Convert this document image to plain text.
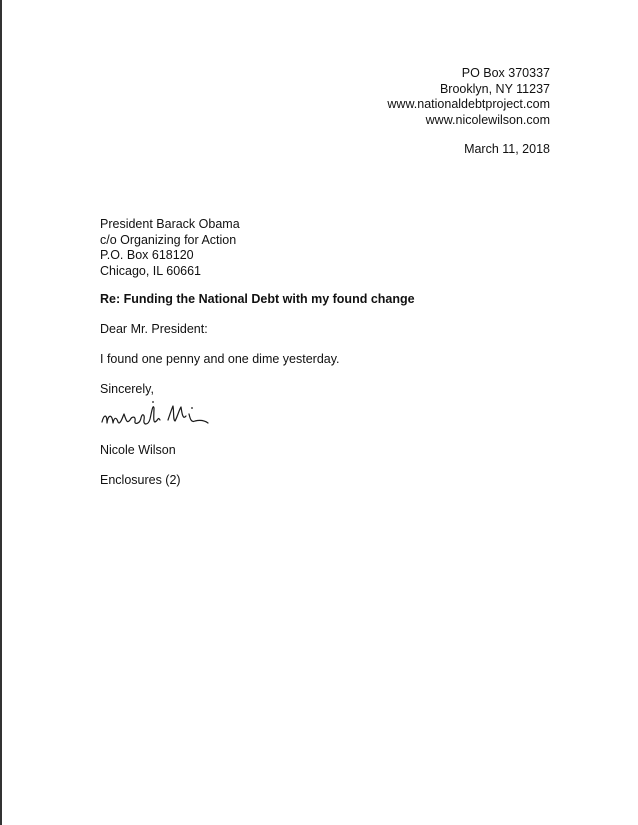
PO Box 370337
Brooklyn, NY 11237
www.nationaldebtproject.com
www.nicolewilson.com
March 11, 2018
President Barack Obama
c/o Organizing for Action
P.O. Box 618120
Chicago, IL 60661
Re: Funding the National Debt with my found change
Dear Mr. President:
I found one penny and one dime yesterday.
Sincerely,
Nicole Wilson
Enclosures (2)
